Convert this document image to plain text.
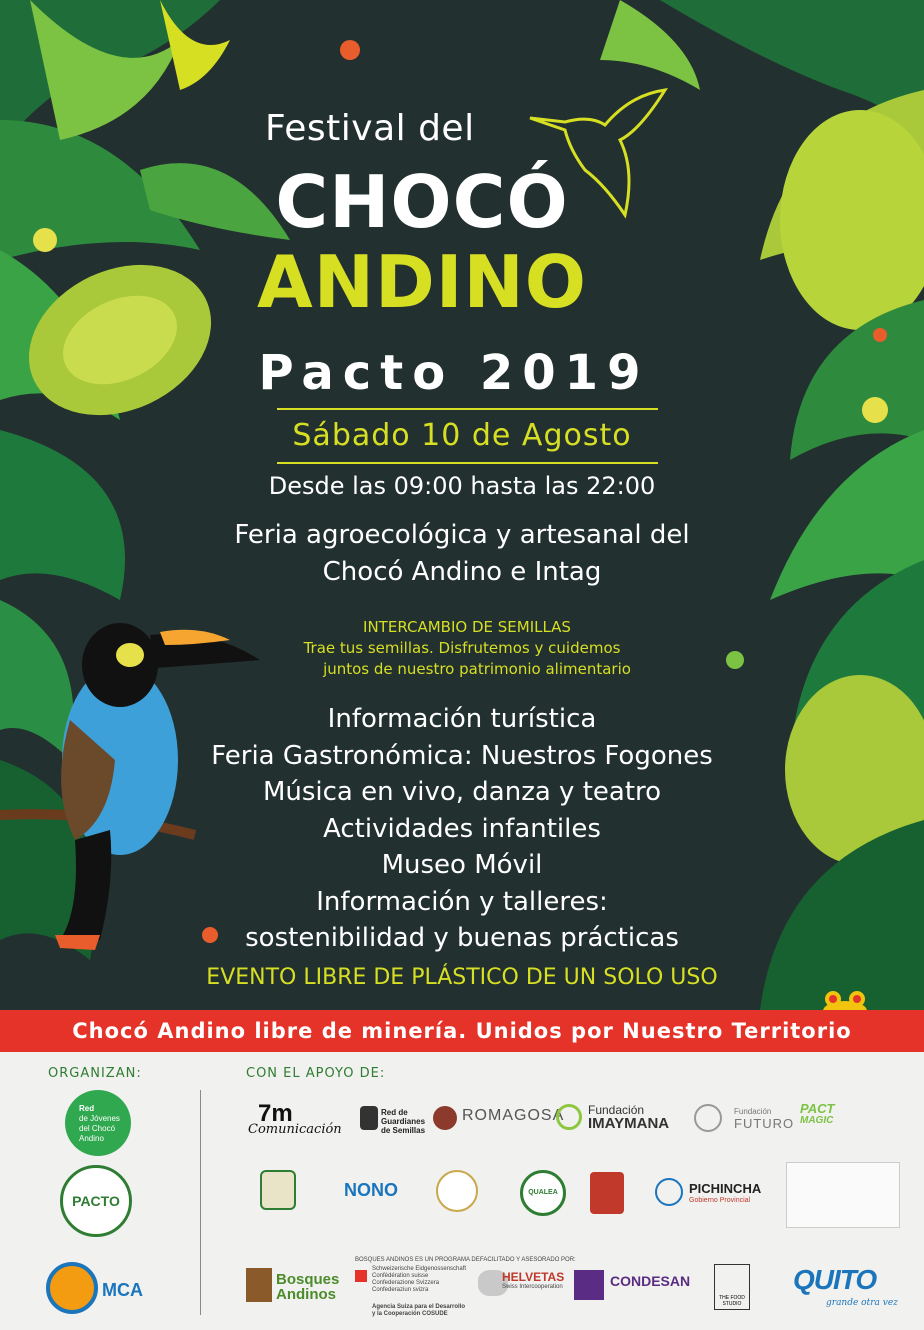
Festival del
CHOCÓ
ANDINO
Pacto 2019
Sábado 10 de Agosto
Desde las 09:00 hasta las 22:00
Feria agroecológica y artesanal del
Chocó Andino e Intag
INTERCAMBIO DE SEMILLAS
Trae tus semillas. Disfrutemos y cuidemos
juntos de nuestro patrimonio alimentario
Información turística
Feria Gastronómica: Nuestros Fogones
Música en vivo, danza y teatro
Actividades infantiles
Museo Móvil
Información y talleres:
sostenibilidad y buenas prácticas
EVENTO LIBRE DE PLÁSTICO DE UN SOLO USO
Chocó Andino libre de minería. Unidos por Nuestro Territorio
ORGANIZAN:	CON EL APOYO DE:
Red
de Jóvenes
del Chocó
Andino
PACTO
MCA
7m
Comunicación
Red de
Guardianes
de Semillas
ROMAGOSA Fundación
IMAYMANA
Fundación
FUTURO
PACT
MAGIC
NONO	QUALEA	PICHINCHA
Gobierno Provincial
Bosques
Andinos
BOSQUES ANDINOS ES UN PROGRAMA DE:
Schweizerische Eidgenossenschaft
Confédération suisse
Confederazione Svizzera
Confederaziun svizra
Agencia Suiza para el Desarrollo
y la Cooperación COSUDE
FACILITADO Y ASESORADO POR:
HELVETAS
Swiss Intercooperation	CONDESAN
THE FOOD
STUDIO
QUITO
grande otra vez
